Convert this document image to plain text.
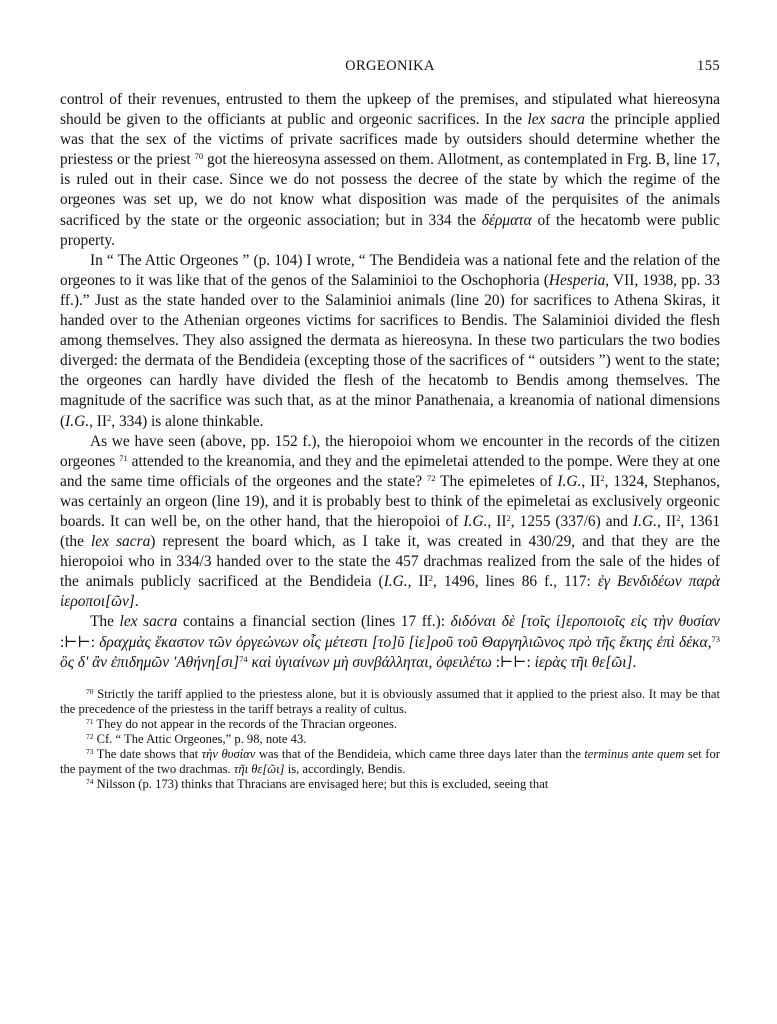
ORGEONIKA	155

control of their revenues, entrusted to them the upkeep of the premises, and stipulated what hiereosyna should be given to the officiants at public and orgeonic sacrifices. In the lex sacra the principle applied was that the sex of the victims of private sacrifices made by outsiders should determine whether the priestess or the priest $^{70}$ got the hiereosyna assessed on them. Allotment, as contemplated in Frg. B, line 17, is ruled out in their case. Since we do not possess the decree of the state by which the regime of the orgeones was set up, we do not know what disposition was made of the perquisites of the animals sacrificed by the state or the orgeonic association; but in 334 the δέρματα of the hecatomb were public property.

In “ The Attic Orgeones ” (p. 104) I wrote, “ The Bendideia was a national fete and the relation of the orgeones to it was like that of the genos of the Salaminioi to the Oschophoria (Hesperia, VII, 1938, pp. 33 ff.).” Just as the state handed over to the Salaminioi animals (line 20) for sacrifices to Athena Skiras, it handed over to the Athenian orgeones victims for sacrifices to Bendis. The Salaminioi divided the flesh among themselves. They also assigned the dermata as hiereosyna. In these two particulars the two bodies diverged: the dermata of the Bendideia (excepting those of the sacrifices of “ outsiders ”) went to the state; the orgeones can hardly have divided the flesh of the hecatomb to Bendis among themselves. The magnitude of the sacrifice was such that, as at the minor Panathenaia, a kreanomia of national dimensions (I.G., $II^2$, 334) is alone thinkable.

As we have seen (above, pp. 152 f.), the hieropoioi whom we encounter in the records of the citizen orgeones $^{71}$ attended to the kreanomia, and they and the epimeletai attended to the pompe. Were they at one and the same time officials of the orgeones and the state? $^{72}$ The epimeletes of I.G., $II^2$, 1324, Stephanos, was certainly an orgeon (line 19), and it is probably best to think of the epimeletai as exclusively orgeonic boards. It can well be, on the other hand, that the hieropoioi of I.G., $II^2$, 1255 (337/6) and I.G., $II^2$, 1361 (the lex sacra) represent the board which, as I take it, was created in 430/29, and that they are the hieropoioi who in 334/3 handed over to the state the 457 drachmas realized from the sale of the hides of the animals publicly sacrificed at the Bendideia (I.G., $II^2$, 1496, lines 86 f., 117: ἐγ Βενδιδέων παρὰ ἱεροποι[ῶν].

The lex sacra contains a financial section (lines 17 ff.): διδόναι δὲ [τοῖς ἱ]εροποιοῖς εἰς τὴν θυσίαν :⊢⊢: δραχμὰς ἕκαστον τῶν ὀργεώνων οἷς μέτεστι [το]ῦ [ἱε]ροῦ τοῦ Θαργηλιῶνος πρὸ τῆς ἕκτης ἐπὶ δέκα,$^{73}$ ὃς δ' ἂν ἐπιδημῶν '$A\theta ή\nu\eta[\sigma\iota]^{74}$ καὶ ὑγιαίνων μὴ συνβάλληται, ὀφειλέτω :⊢⊢: ἱερὰς τῆι θε[ῶι].

$^{70}$ Strictly the tariff applied to the priestess alone, but it is obviously assumed that it applied to the priest also. It may be that the precedence of the priestess in the tariff betrays a reality of cultus.

$^{71}$ They do not appear in the records of the Thracian orgeones.

$^{72}$ Cf. “ The Attic Orgeones,” p. 98, note 43.

$^{73}$ The date shows that τὴν θυσίαν was that of the Bendideia, which came three days later than the terminus ante quem set for the payment of the two drachmas. τῆι θε[ῶι] is, accordingly, Bendis.

$^{74}$ Nilsson (p. 173) thinks that Thracians are envisaged here; but this is excluded, seeing that
